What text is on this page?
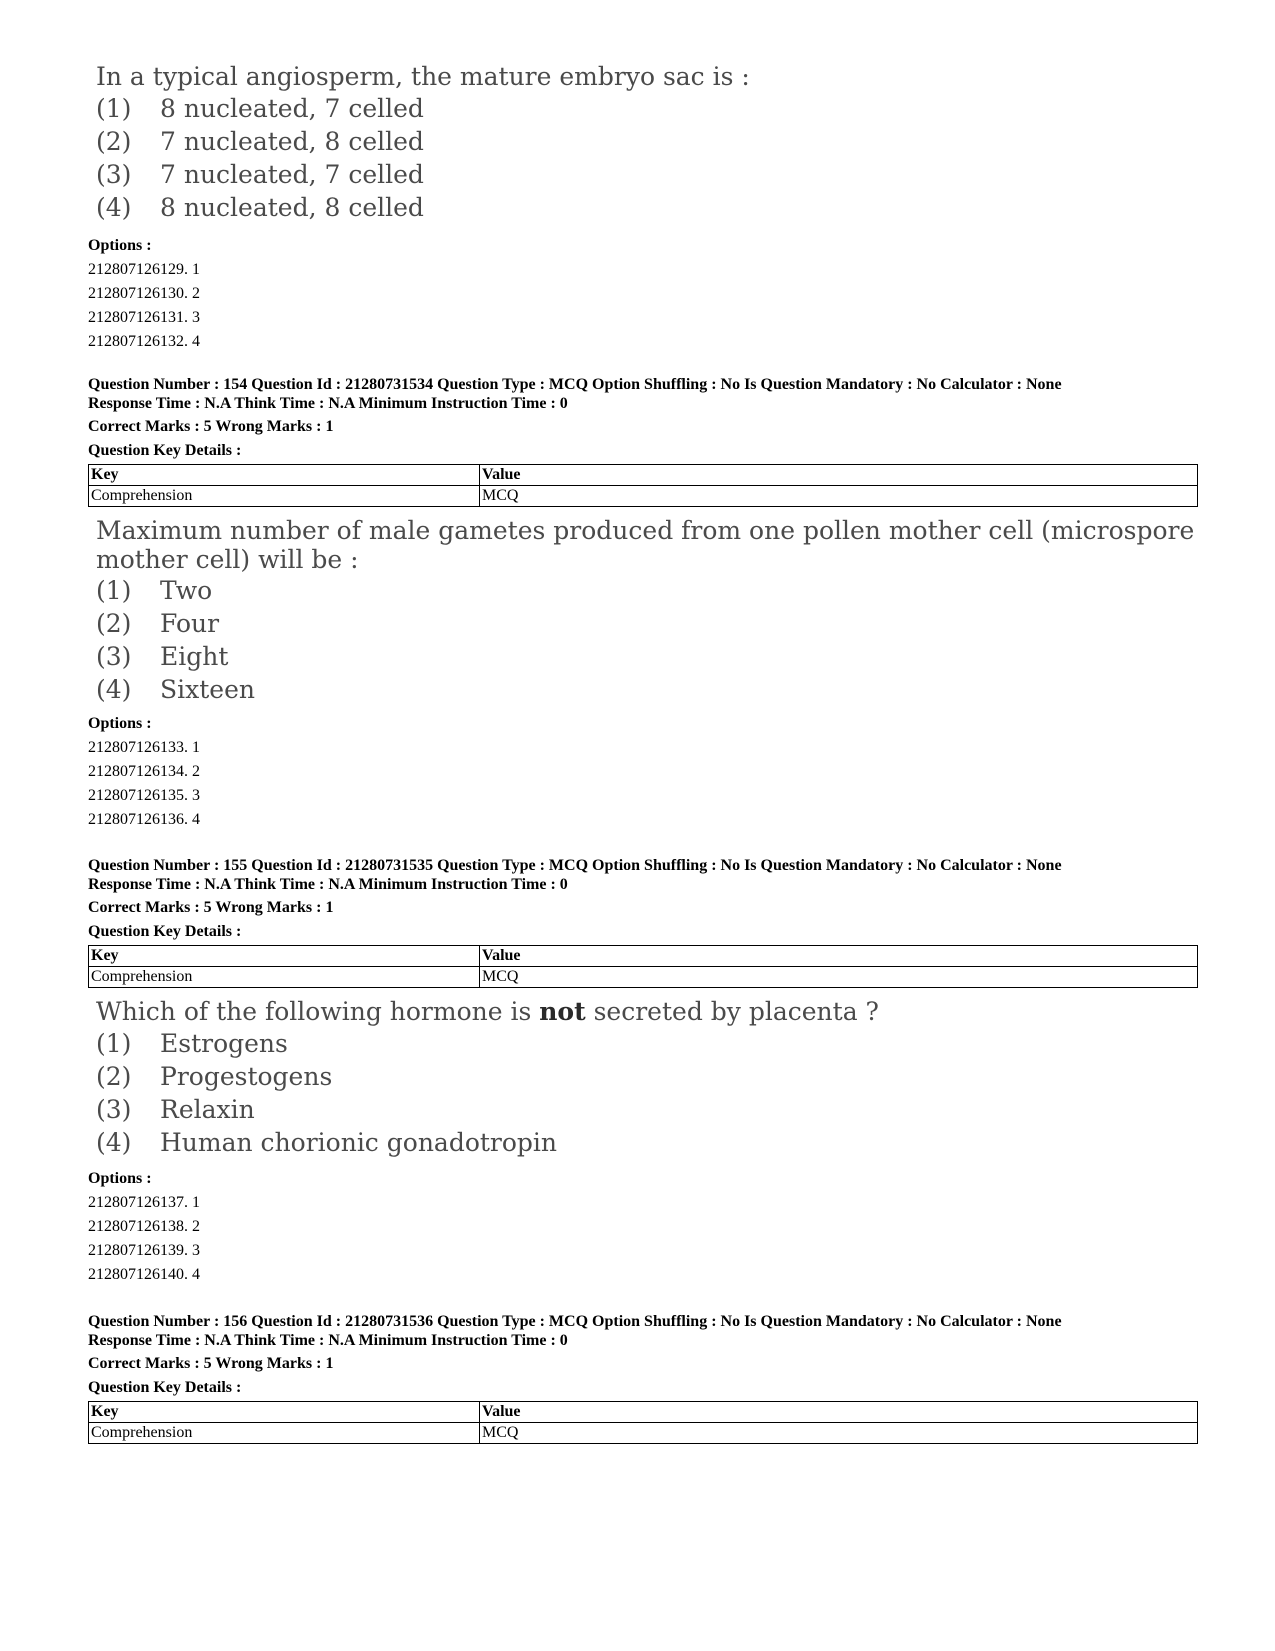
In a typical angiosperm, the mature embryo sac is :
(1)	8 nucleated, 7 celled
(2)	7 nucleated, 8 celled
(3)	7 nucleated, 7 celled
(4)	8 nucleated, 8 celled
Options :
212807126129. 1
212807126130. 2
212807126131. 3
212807126132. 4
Question Number : 154 Question Id : 21280731534 Question Type : MCQ Option Shuffling : No Is Question Mandatory : No Calculator : None
Response Time : N.A Think Time : N.A Minimum Instruction Time : 0
Correct Marks : 5 Wrong Marks : 1
Question Key Details :
Key	Value
Comprehension	MCQ
Maximum number of male gametes produced from one pollen mother cell (microspore mother cell) will be :
(1)	Two
(2)	Four
(3)	Eight
(4)	Sixteen
Options :
212807126133. 1
212807126134. 2
212807126135. 3
212807126136. 4
Question Number : 155 Question Id : 21280731535 Question Type : MCQ Option Shuffling : No Is Question Mandatory : No Calculator : None
Response Time : N.A Think Time : N.A Minimum Instruction Time : 0
Correct Marks : 5 Wrong Marks : 1
Question Key Details :
Key	Value
Comprehension	MCQ
Which of the following hormone is not secreted by placenta ?
(1)	Estrogens
(2)	Progestogens
(3)	Relaxin
(4)	Human chorionic gonadotropin
Options :
212807126137. 1
212807126138. 2
212807126139. 3
212807126140. 4
Question Number : 156 Question Id : 21280731536 Question Type : MCQ Option Shuffling : No Is Question Mandatory : No Calculator : None
Response Time : N.A Think Time : N.A Minimum Instruction Time : 0
Correct Marks : 5 Wrong Marks : 1
Question Key Details :
Key	Value
Comprehension	MCQ
